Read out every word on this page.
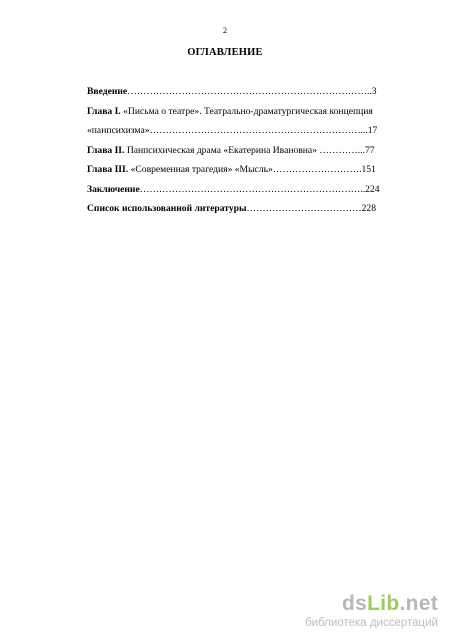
2
ОГЛАВЛЕНИЕ
Введение…………………………………………………………………..3
Глава I. «Письма о театре». Театрально-драматургическая концепция
«панпсихизма»…………………………………………………………...17
Глава II. Панпсихическая драма «Екатерина Ивановна» …………...77
Глава III. «Современная трагедия» «Мысль»……………………….151
Заключение……………………………………………………………..224
Список использованной литературы………………………………228
dsLib.net
библиотека диссертаций
